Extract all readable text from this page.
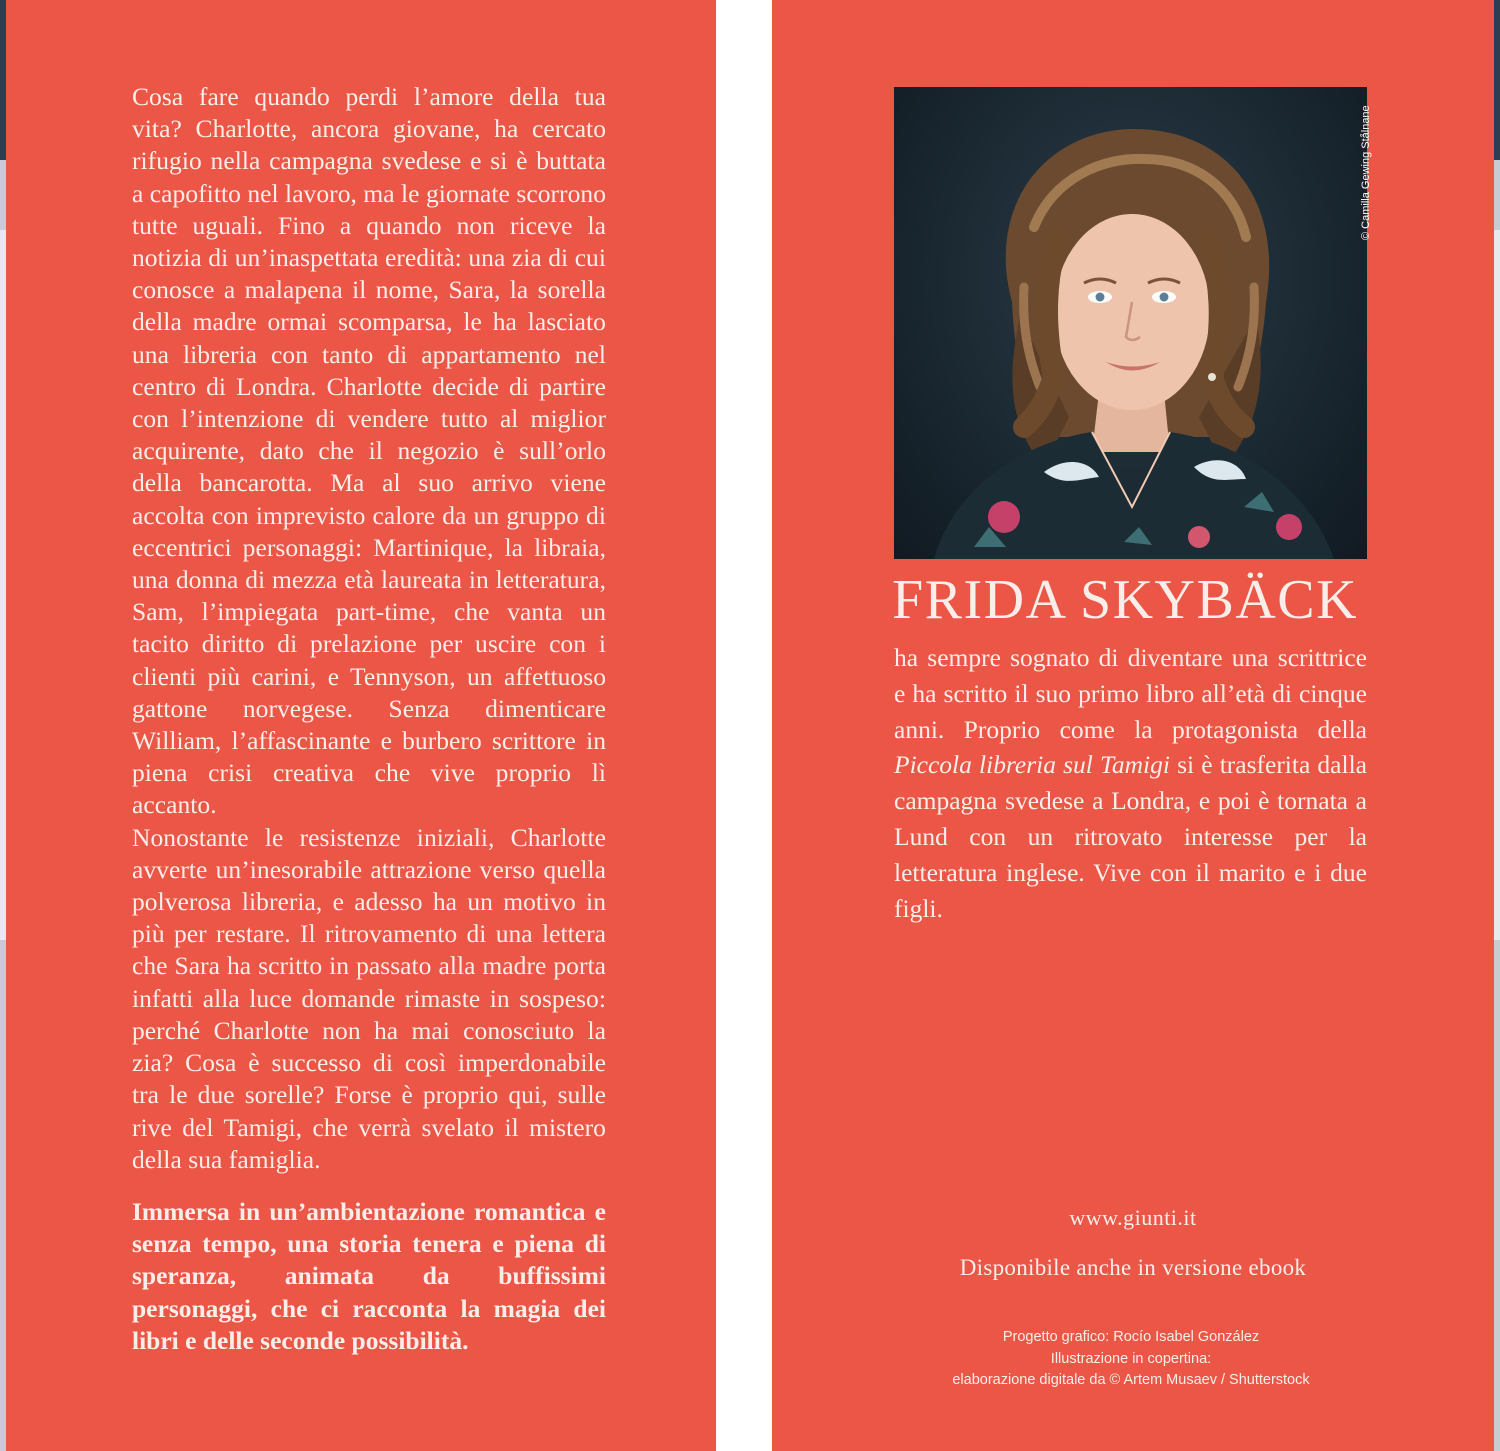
Cosa fare quando perdi l’amore della tua vita? Charlotte, ancora giovane, ha cercato rifugio nella campagna svedese e si è buttata a capofitto nel lavoro, ma le giornate scorrono tutte uguali. Fino a quando non riceve la notizia di un’inaspettata eredità: una zia di cui conosce a malapena il nome, Sara, la sorella della madre ormai scomparsa, le ha lasciato una libreria con tanto di appartamento nel centro di Londra. Charlotte decide di partire con l’intenzione di vendere tutto al miglior acquirente, dato che il negozio è sull’orlo della bancarotta. Ma al suo arrivo viene accolta con imprevisto calore da un gruppo di eccentrici personaggi: Martinique, la libraia, una donna di mezza età laureata in letteratura, Sam, l’impiegata part-time, che vanta un tacito diritto di prelazione per uscire con i clienti più carini, e Tennyson, un affettuoso gattone norvegese. Senza dimenticare William, l’affascinante e burbero scrittore in piena crisi creativa che vive proprio lì accanto.

Nonostante le resistenze iniziali, Charlotte avverte un’inesorabile attrazione verso quella polverosa libreria, e adesso ha un motivo in più per restare. Il ritrovamento di una lettera che Sara ha scritto in passato alla madre porta infatti alla luce domande rimaste in sospeso: perché Charlotte non ha mai conosciuto la zia? Cosa è successo di così imperdonabile tra le due sorelle? Forse è proprio qui, sulle rive del Tamigi, che verrà svelato il mistero della sua famiglia.

Immersa in un’ambientazione romantica e senza tempo, una storia tenera e piena di speranza, animata da buffissimi personaggi, che ci racconta la magia dei libri e delle seconde possibilità.

© Camilla Gewing Stålnane
FRIDA SKYBÄCK

ha sempre sognato di diventare una scrittrice e ha scritto il suo primo libro all’età di cinque anni. Proprio come la protagonista della Piccola libreria sul Tamigi si è trasferita dalla campagna svedese a Londra, e poi è tornata a Lund con un ritrovato interesse per la letteratura inglese. Vive con il marito e i due figli.

www.giunti.it
Disponibile anche in versione ebook
Progetto grafico: Rocío Isabel González
Illustrazione in copertina:
elaborazione digitale da © Artem Musaev / Shutterstock
